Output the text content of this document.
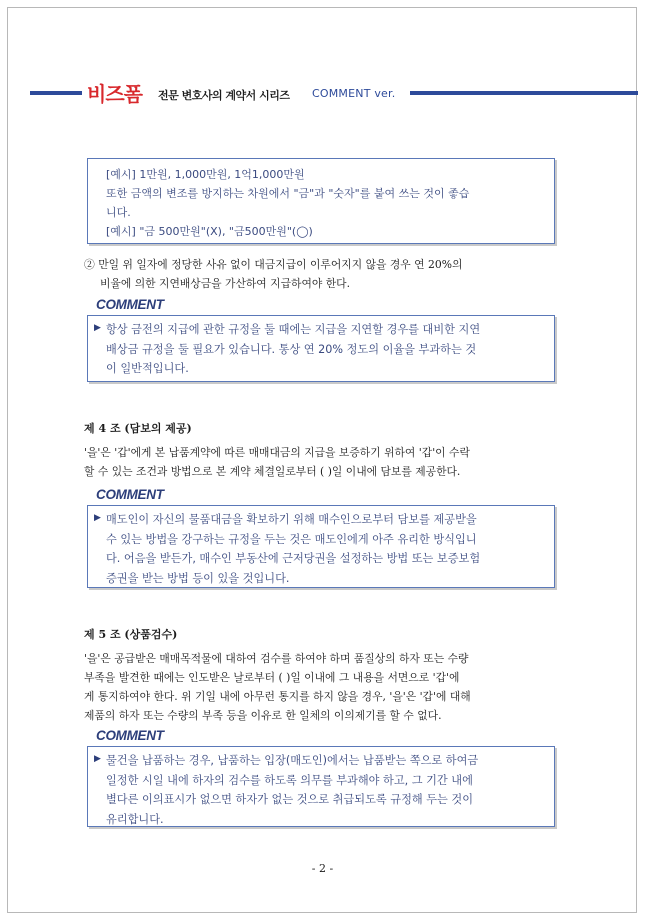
비즈폼 전문 변호사의 계약서 시리즈 COMMENT ver.
[예시] 1만원, 1,000만원, 1억1,000만원
또한 금액의 변조를 방지하는 차원에서 "금"과 "숫자"를 붙여 쓰는 것이 좋습
니다.
[예시] "금 500만원"(X), "금500만원"(◯)
② 만일 위 일자에 정당한 사유 없이 대금지급이 이루어지지 않을 경우 연 20%의
비율에 의한 지연배상금을 가산하여 지급하여야 한다.
COMMENT
▶ 항상 금전의 지급에 관한 규정을 둘 때에는 지급을 지연할 경우를 대비한 지연
배상금 규정을 둘 필요가 있습니다. 통상 연 20% 정도의 이율을 부과하는 것
이 일반적입니다.
제 4 조 (담보의 제공)
'을'은 '갑'에게 본 납품계약에 따른 매매대금의 지급을 보증하기 위하여 '갑'이 수락
할 수 있는 조건과 방법으로 본 계약 체결일로부터 ( )일 이내에 담보를 제공한다.
COMMENT
▶ 매도인이 자신의 물품대금을 확보하기 위해 매수인으로부터 담보를 제공받을
수 있는 방법을 강구하는 규정을 두는 것은 매도인에게 아주 유리한 방식입니
다. 어음을 받든가, 매수인 부동산에 근저당권을 설정하는 방법 또는 보증보험
증권을 받는 방법 등이 있을 것입니다.
제 5 조 (상품검수)
'을'은 공급받은 매매목적물에 대하여 검수를 하여야 하며 품질상의 하자 또는 수량
부족을 발견한 때에는 인도받은 날로부터 ( )일 이내에 그 내용을 서면으로 '갑'에
게 통지하여야 한다. 위 기일 내에 아무런 통지를 하지 않을 경우, '을'은 '갑'에 대해
제품의 하자 또는 수량의 부족 등을 이유로 한 일체의 이의제기를 할 수 없다.
COMMENT
▶ 물건을 납품하는 경우, 납품하는 입장(매도인)에서는 납품받는 쪽으로 하여금
일정한 시일 내에 하자의 검수를 하도록 의무를 부과해야 하고, 그 기간 내에
별다른 이의표시가 없으면 하자가 없는 것으로 취급되도록 규정해 두는 것이
유리합니다.
- 2 -
